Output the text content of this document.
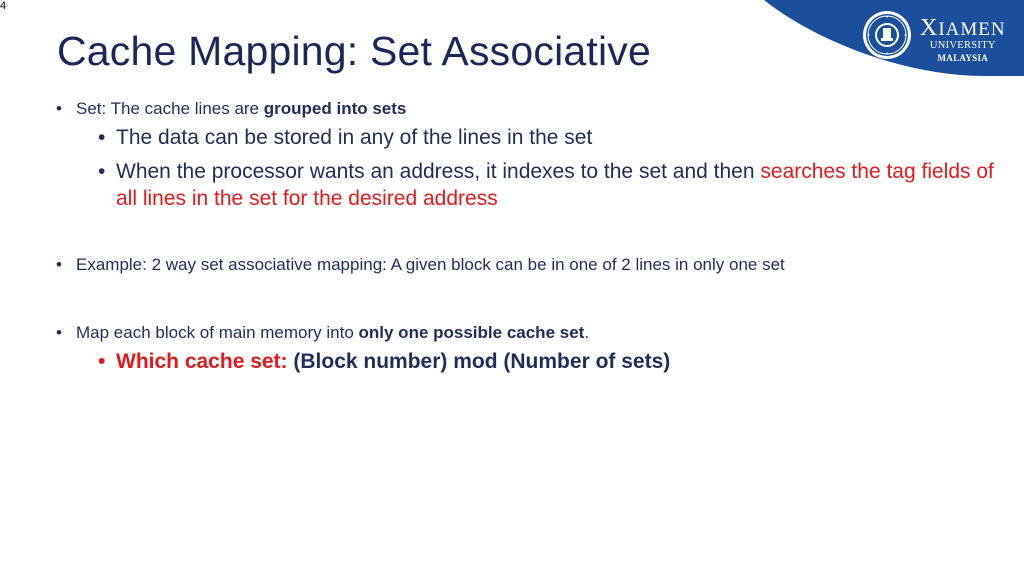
4
XIAMEN
UNIVERSITY
MALAYSIA
Cache Mapping: Set Associative
• Set: The cache lines are grouped into sets
• The data can be stored in any of the lines in the set
• When the processor wants an address, it indexes to the set and then searches the tag fields of all lines in the set for the desired address
• Example: 2 way set associative mapping: A given block can be in one of 2 lines in only one set
• Map each block of main memory into only one possible cache set.
• Which cache set: (Block number) mod (Number of sets)
